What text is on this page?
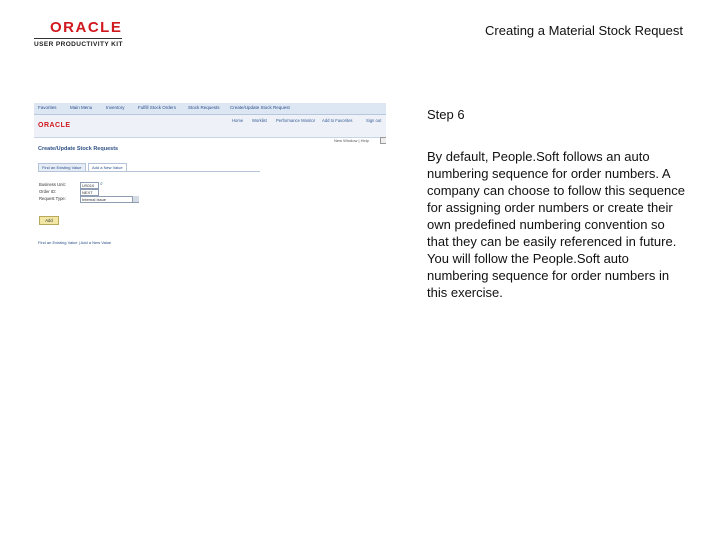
ORACLE
USER PRODUCTIVITY KIT
Creating a Material Stock Request
Favorites	Main Menu	Inventory	Fulfill Stock Orders	Stock Requests Create/Update Stock Request
ORACLE
Home Worklist Performance Monitor Add to Favorites	Sign out
New Window | Help
Create/Update Stock Requests
Find an Existing Value	Add a New Value
Business Unit:	US010	⌕
Order ID:	NEXT
Request Type:	Internal Issue
Add
Find an Existing Value | Add a New Value
Step 6
By default, People.Soft follows an auto numbering sequence for order numbers. A company can choose to follow this sequence for assigning order numbers or create their own predefined numbering convention so that they can be easily referenced in future. You will follow the People.Soft auto numbering sequence for order numbers in this exercise.
